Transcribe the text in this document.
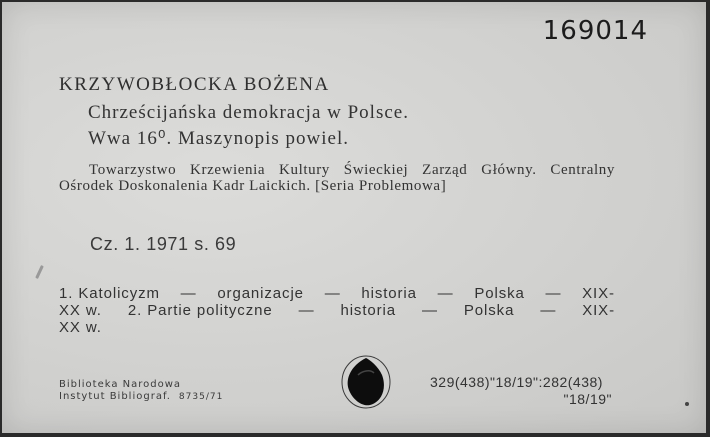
169014
KRZYWOBŁOCKA BOŻENA
Chrześcijańska demokracja w Polsce.
Wwa 16⁰. Maszynopis powiel.
Towarzystwo Krzewienia Kultury Świeckiej Zarząd Główny. Centralny Ośrodek Doskonalenia Kadr Laickich. [Seria Problemowa]
Cz. 1. 1971 s. 69
1. Katolicyzm — organizacje — historia — Polska — XIX-
XX w. 2. Partie polityczne — historia — Polska — XIX-
XX w.
Biblioteka Narodowa
Instytut Bibliograf. 8735/71
329(438)"18/19":282(438)
"18/19"
